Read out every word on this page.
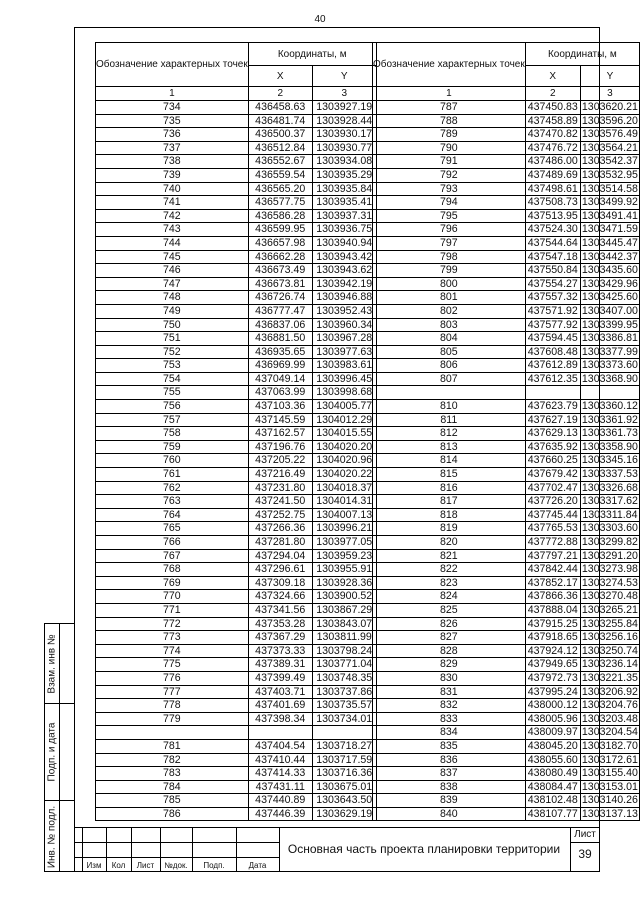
40
Обозначение характерных точек	Координаты, м	
	X	Y
1	2	3
734	436458.63	1303927.19
735	436481.74	1303928.44
736	436500.37	1303930.17
737	436512.84	1303930.77
738	436552.67	1303934.08
739	436559.54	1303935.29
740	436565.20	1303935.84
741	436577.75	1303935.41
742	436586.28	1303937.31
743	436599.95	1303936.75
744	436657.98	1303940.94
745	436662.28	1303943.42
746	436673.49	1303943.62
747	436673.81	1303942.19
748	436726.74	1303946.88
749	436777.47	1303952.43
750	436837.06	1303960.34
751	436881.50	1303967.28
752	436935.65	1303977.63
753	436969.99	1303983.61
754	437049.14	1303996.45
755	437063.99	1303998.68
756	437103.36	1304005.77
757	437145.59	1304012.29
758	437162.57	1304015.55
759	437196.76	1304020.20
760	437205.22	1304020.96
761	437216.49	1304020.22
762	437231.80	1304018.37
763	437241.50	1304014.31
764	437252.75	1304007.13
765	437266.36	1303996.21
766	437281.80	1303977.05
767	437294.04	1303959.23
768	437296.61	1303955.91
769	437309.18	1303928.36
770	437324.66	1303900.52
771	437341.56	1303867.29
772	437353.28	1303843.07
773	437367.29	1303811.99
774	437373.33	1303798.24
775	437389.31	1303771.04
776	437399.49	1303748.35
777	437403.71	1303737.86
778	437401.69	1303735.57
779	437398.34	1303734.01

781	437404.54	1303718.27
782	437410.44	1303717.59
783	437414.33	1303716.36
784	437431.11	1303675.01
785	437440.89	1303643.50
786	437446.39	1303629.19
Обозначение характерных точек	Координаты, м	
	X	Y
1	2	3
787	437450.83	1303620.21
788	437458.89	1303596.20
789	437470.82	1303576.49
790	437476.72	1303564.21
791	437486.00	1303542.37
792	437489.69	1303532.95
793	437498.61	1303514.58
794	437508.73	1303499.92
795	437513.95	1303491.41
796	437524.30	1303471.59
797	437544.64	1303445.47
798	437547.18	1303442.37
799	437550.84	1303435.60
800	437554.27	1303429.96
801	437557.32	1303425.60
802	437571.92	1303407.00
803	437577.92	1303399.95
804	437594.45	1303386.81
805	437608.48	1303377.99
806	437612.89	1303373.60
807	437612.35	1303368.90

810	437623.79	1303360.12
811	437627.19	1303361.92
812	437629.13	1303361.73
813	437635.92	1303358.90
814	437660.25	1303345.16
815	437679.42	1303337.53
816	437702.47	1303326.68
817	437726.20	1303317.62
818	437745.44	1303311.84
819	437765.53	1303303.60
820	437772.88	1303299.82
821	437797.21	1303291.20
822	437842.44	1303273.98
823	437852.17	1303274.53
824	437866.36	1303270.48
825	437888.04	1303265.21
826	437915.25	1303255.84
827	437918.65	1303256.16
828	437924.12	1303250.74
829	437949.65	1303236.14
830	437972.73	1303221.35
831	437995.24	1303206.92
832	438000.12	1303204.76
833	438005.96	1303203.48
834	438009.97	1303204.54
835	438045.20	1303182.70
836	438055.60	1303172.61
837	438080.49	1303155.40
838	438084.47	1303153.01
839	438102.48	1303140.26
840	438107.77	1303137.13
Взам. инв №
Подп. и дата
Инв. № подл.	Изм	Кол	Лист	№док.	Подп.	Дата
Основная часть проекта планировки территории
Лист
39
